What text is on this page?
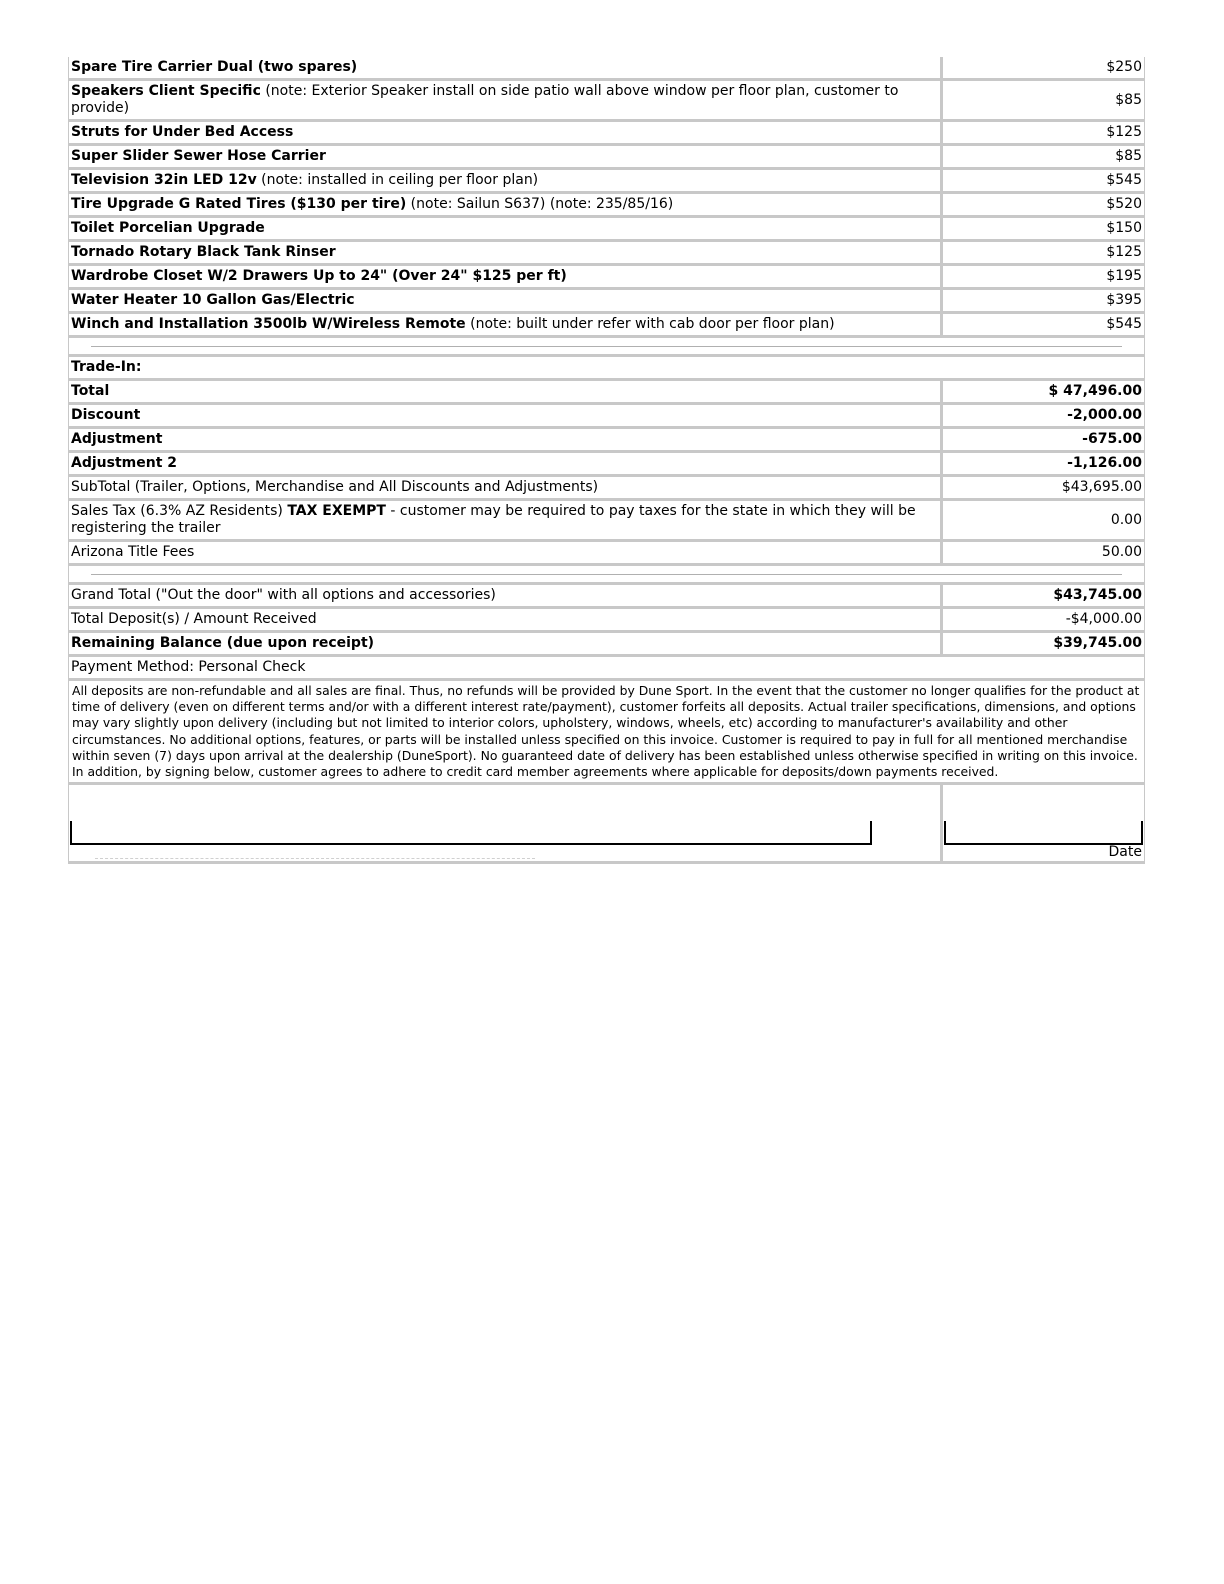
Spare Tire Carrier Dual (two spares)	$250
Speakers Client Specific (note: Exterior Speaker install on side patio wall above window per floor plan, customer to provide)	$85
Struts for Under Bed Access	$125
Super Slider Sewer Hose Carrier	$85
Television 32in LED 12v (note: installed in ceiling per floor plan)	$545
Tire Upgrade G Rated Tires ($130 per tire) (note: Sailun S637) (note: 235/85/16)	$520
Toilet Porcelian Upgrade	$150
Tornado Rotary Black Tank Rinser	$125
Wardrobe Closet W/2 Drawers Up to 24" (Over 24" $125 per ft)	$195
Water Heater 10 Gallon Gas/Electric	$395
Winch and Installation 3500lb W/Wireless Remote (note: built under refer with cab door per floor plan)	$545

Trade-In:	
Total	$ 47,496.00
Discount	-2,000.00
Adjustment	-675.00
Adjustment 2	-1,126.00
SubTotal (Trailer, Options, Merchandise and All Discounts and Adjustments)	$43,695.00
Sales Tax (6.3% AZ Residents) TAX EXEMPT - customer may be required to pay taxes for the state in which they will be registering the trailer	0.00
Arizona Title Fees	50.00

Grand Total ("Out the door" with all options and accessories)	$43,745.00
Total Deposit(s) / Amount Received	-$4,000.00
Remaining Balance (due upon receipt)	$39,745.00
Payment Method: Personal Check	
All deposits are non-refundable and all sales are final. Thus, no refunds will be provided by Dune Sport. In the event that the customer no longer qualifies for the product at time of delivery (even on different terms and/or with a different interest rate/payment), customer forfeits all deposits. Actual trailer specifications, dimensions, and options may vary slightly upon delivery (including but not limited to interior colors, upholstery, windows, wheels, etc) according to manufacturer's availability and other circumstances. No additional options, features, or parts will be installed unless specified on this invoice. Customer is required to pay in full for all mentioned merchandise within seven (7) days upon arrival at the dealership (DuneSport). No guaranteed date of delivery has been established unless otherwise specified in writing on this invoice. In addition, by signing below, customer agrees to adhere to credit card member agreements where applicable for deposits/down payments received.	

	Date
